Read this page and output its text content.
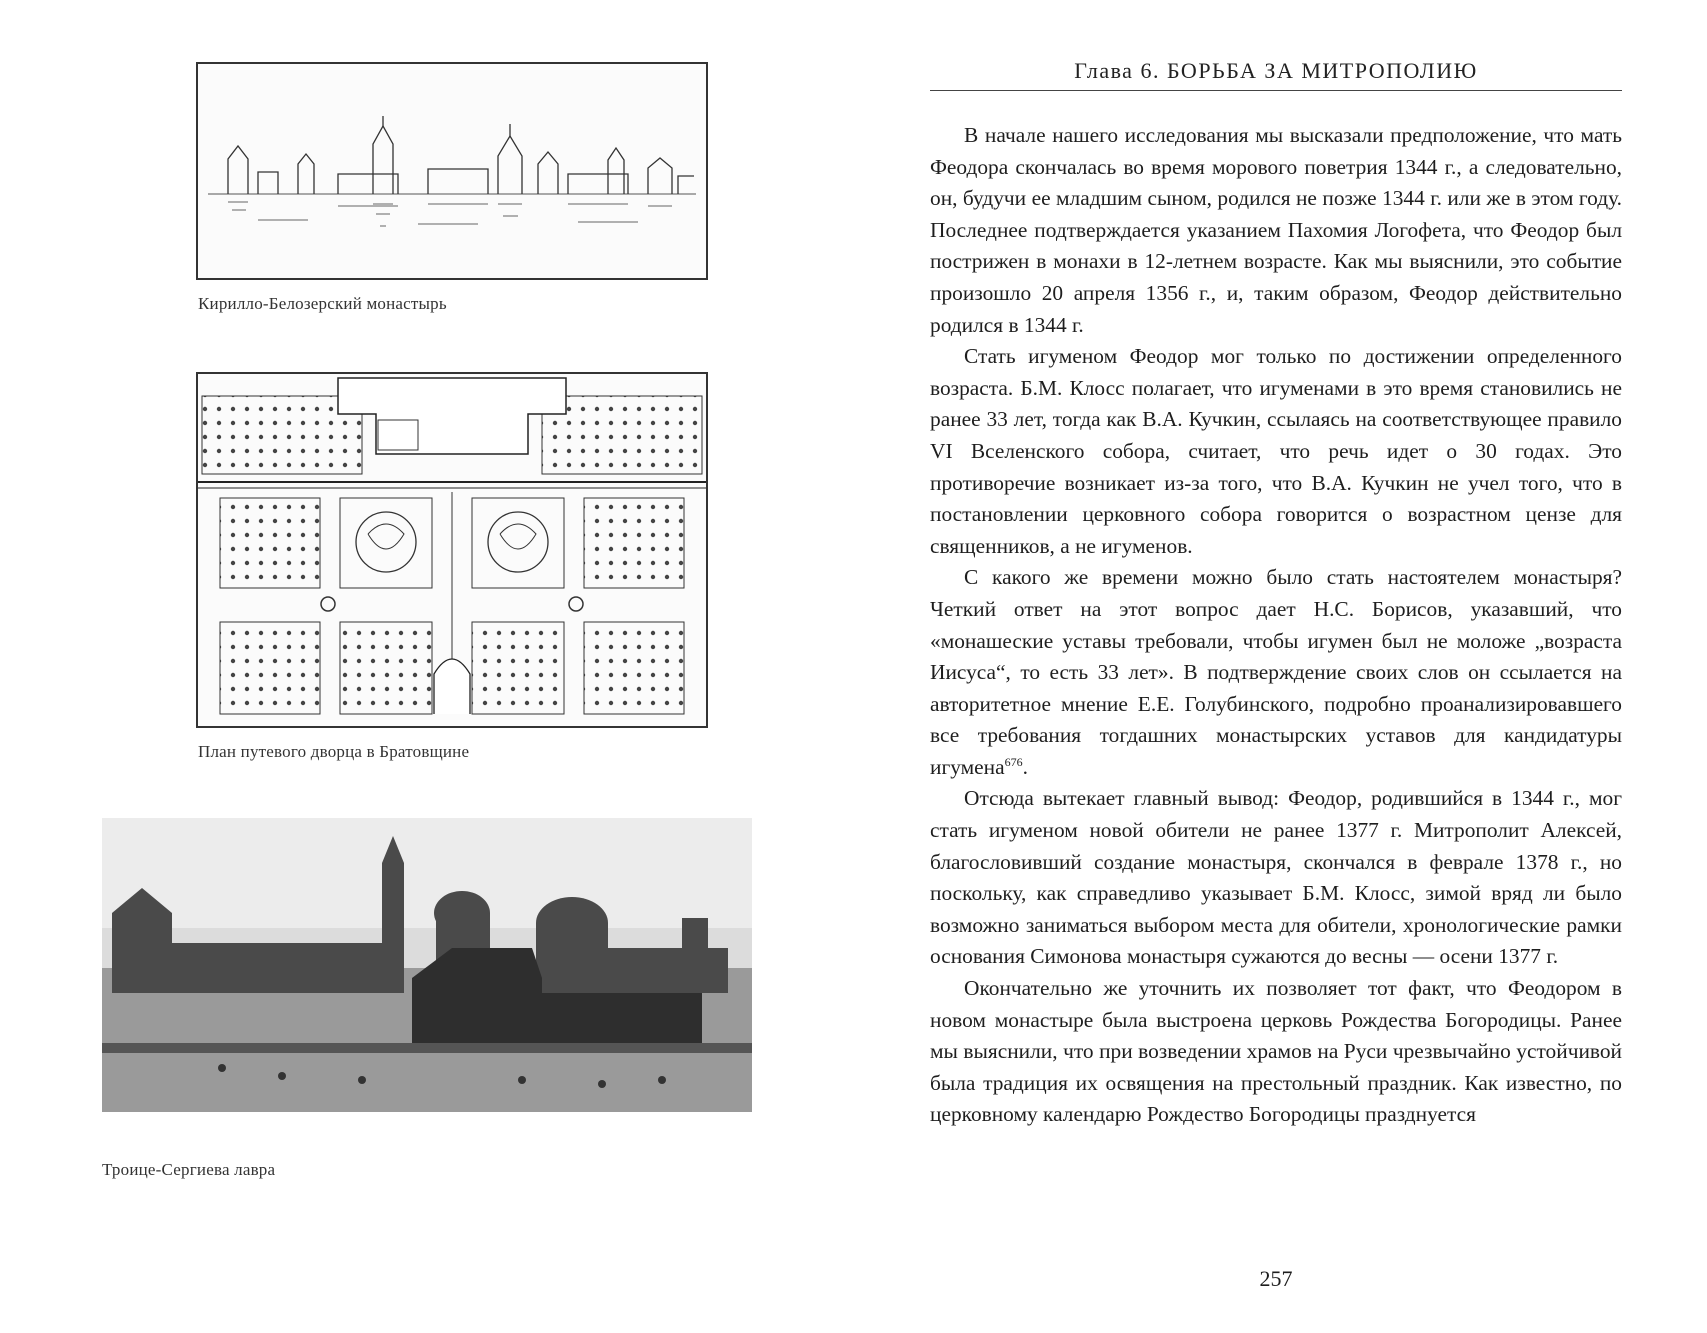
Кирилло-Белозерский монастырь
План путевого дворца в Братовщине
Троице-Сергиева лавра
Глава 6. БОРЬБА ЗА МИТРОПОЛИЮ

В начале нашего исследования мы высказали предположение, что мать Феодора скончалась во время морового поветрия 1344 г., а следовательно, он, будучи ее младшим сыном, родился не позже 1344 г. или же в этом году. Последнее подтверждается указанием Пахомия Логофета, что Феодор был пострижен в монахи в 12-летнем возрасте. Как мы выяснили, это событие произошло 20 апреля 1356 г., и, таким образом, Феодор действительно родился в 1344 г.

Стать игуменом Феодор мог только по достижении определенного возраста. Б.М. Клосс полагает, что игуменами в это время становились не ранее 33 лет, тогда как В.А. Кучкин, ссылаясь на соответствующее правило VI Вселенского собора, считает, что речь идет о 30 годах. Это противоречие возникает из-за того, что В.А. Кучкин не учел того, что в постановлении церковного собора говорится о возрастном цензе для священников, а не игуменов.

С какого же времени можно было стать настоятелем монастыря? Четкий ответ на этот вопрос дает Н.С. Борисов, указавший, что «монашеские уставы требовали, чтобы игумен был не моложе „возраста Иисуса“, то есть 33 лет». В подтверждение своих слов он ссылается на авторитетное мнение Е.Е. Голубинского, подробно проанализировавшего все требования тогдашних монастырских уставов для кандидатуры игумена$^{676}$.

Отсюда вытекает главный вывод: Феодор, родившийся в 1344 г., мог стать игуменом новой обители не ранее 1377 г. Митрополит Алексей, благословивший создание монастыря, скончался в феврале 1378 г., но поскольку, как справедливо указывает Б.М. Клосс, зимой вряд ли было возможно заниматься выбором места для обители, хронологические рамки основания Симонова монастыря сужаются до весны — осени 1377 г.

Окончательно же уточнить их позволяет тот факт, что Феодором в новом монастыре была выстроена церковь Рождества Богородицы. Ранее мы выяснили, что при возведении храмов на Руси чрезвычайно устойчивой была традиция их освящения на престольный праздник. Как известно, по церковному календарю Рождество Богородицы празднуется

257
